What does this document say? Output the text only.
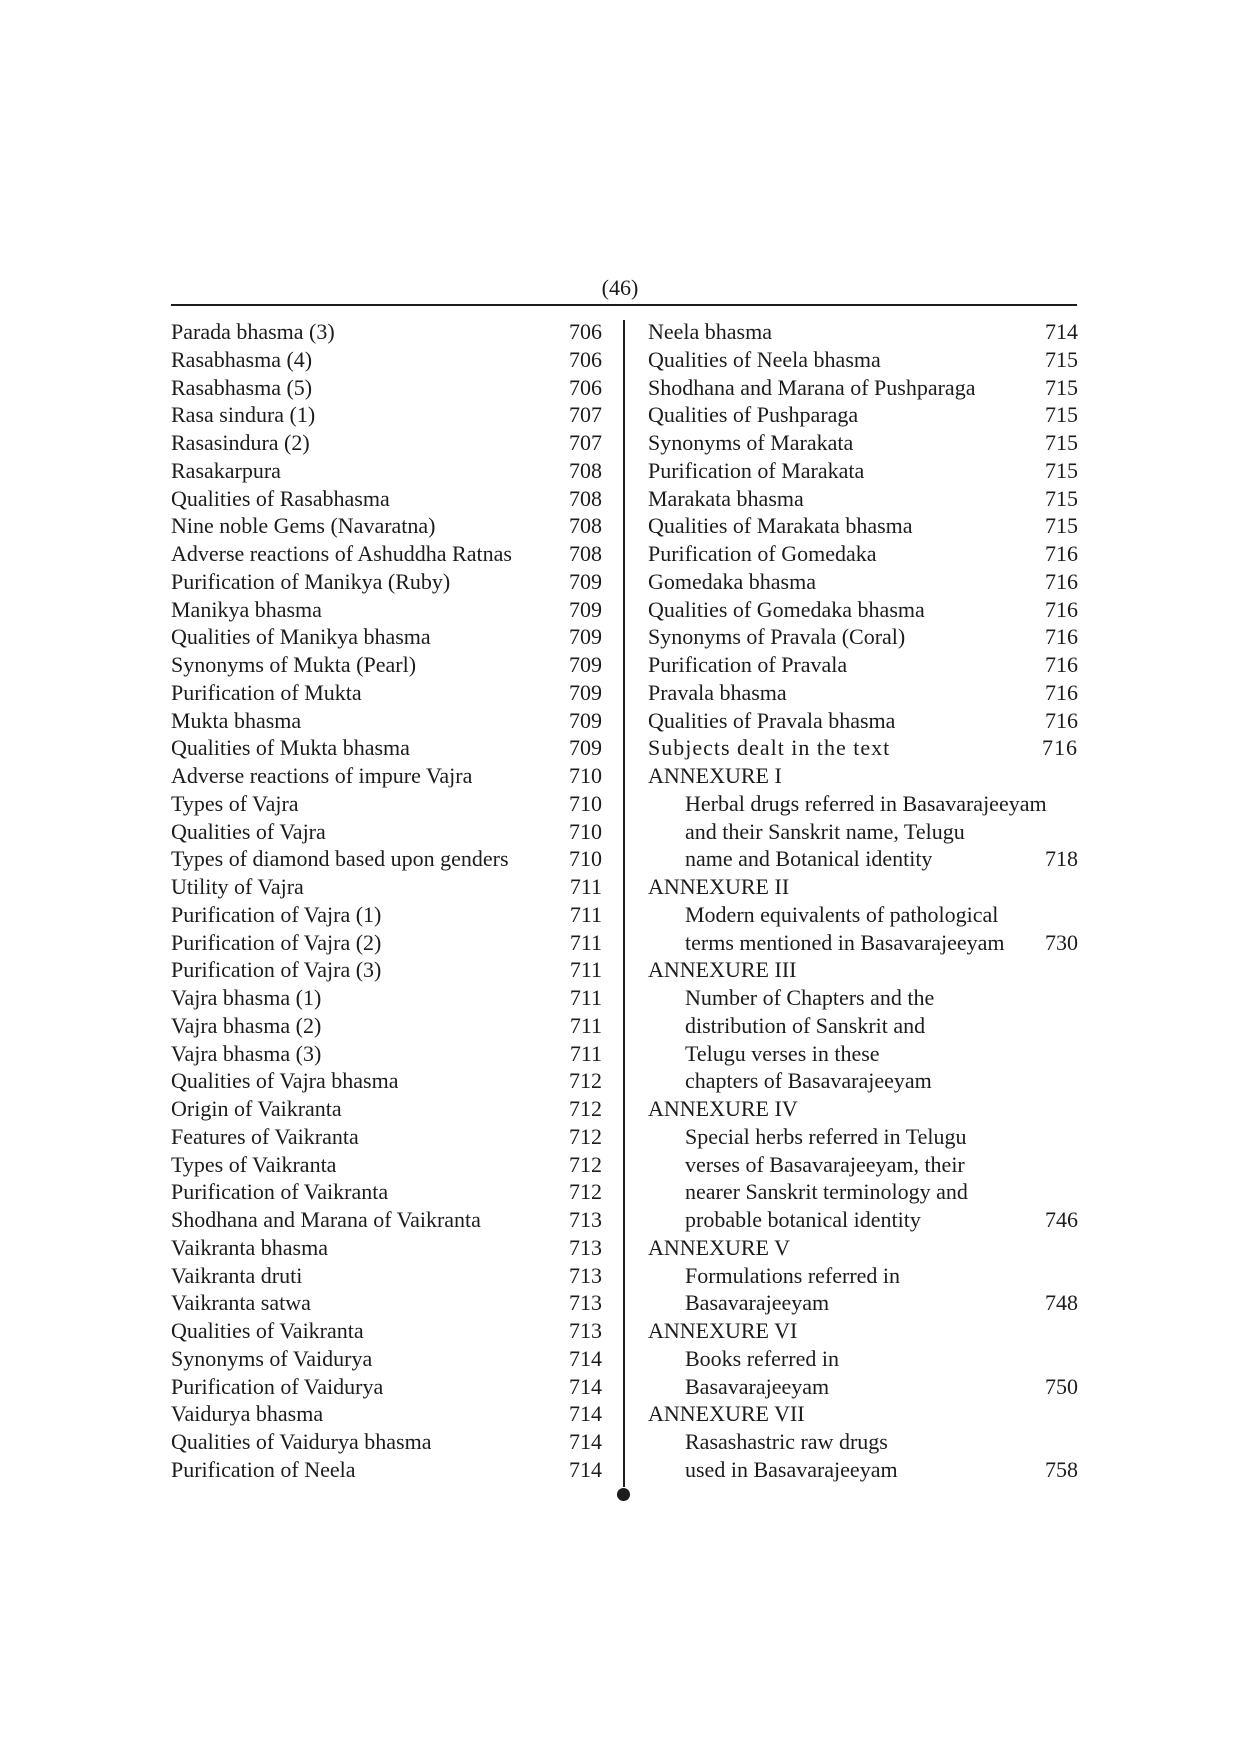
(46)
Parada bhasma (3)	706
Rasabhasma (4)	706
Rasabhasma (5)	706
Rasa sindura (1)	707
Rasasindura (2)	707
Rasakarpura	708
Qualities of Rasabhasma	708
Nine noble Gems (Navaratna)	708
Adverse reactions of Ashuddha Ratnas	708
Purification of Manikya (Ruby)	709
Manikya bhasma	709
Qualities of Manikya bhasma	709
Synonyms of Mukta (Pearl)	709
Purification of Mukta	709
Mukta bhasma	709
Qualities of Mukta bhasma	709
Adverse reactions of impure Vajra	710
Types of Vajra	710
Qualities of Vajra	710
Types of diamond based upon genders	710
Utility of Vajra	711
Purification of Vajra (1)	711
Purification of Vajra (2)	711
Purification of Vajra (3)	711
Vajra bhasma (1)	711
Vajra bhasma (2)	711
Vajra bhasma (3)	711
Qualities of Vajra bhasma	712
Origin of Vaikranta	712
Features of Vaikranta	712
Types of Vaikranta	712
Purification of Vaikranta	712
Shodhana and Marana of Vaikranta	713
Vaikranta bhasma	713
Vaikranta druti	713
Vaikranta satwa	713
Qualities of Vaikranta	713
Synonyms of Vaidurya	714
Purification of Vaidurya	714
Vaidurya bhasma	714
Qualities of Vaidurya bhasma	714
Purification of Neela	714
Neela bhasma	714
Qualities of Neela bhasma	715
Shodhana and Marana of Pushparaga	715
Qualities of Pushparaga	715
Synonyms of Marakata	715
Purification of Marakata	715
Marakata bhasma	715
Qualities of Marakata bhasma	715
Purification of Gomedaka	716
Gomedaka bhasma	716
Qualities of Gomedaka bhasma	716
Synonyms of Pravala (Coral)	716
Purification of Pravala	716
Pravala bhasma	716
Qualities of Pravala bhasma	716
Subjects dealt in the text	716
ANNEXURE I
Herbal drugs referred in Basavarajeeyam
and their Sanskrit name, Telugu
name and Botanical identity	718
ANNEXURE II
Modern equivalents of pathological
terms mentioned in Basavarajeeyam 730
ANNEXURE III
Number of Chapters and the
distribution of Sanskrit and
Telugu verses in these
chapters of Basavarajeeyam
ANNEXURE IV
Special herbs referred in Telugu
verses of Basavarajeeyam, their
nearer Sanskrit terminology and
probable botanical identity	746
ANNEXURE V
Formulations referred in
Basavarajeeyam	748
ANNEXURE VI
Books referred in
Basavarajeeyam	750
ANNEXURE VII
Rasashastric raw drugs
used in Basavarajeeyam	758
